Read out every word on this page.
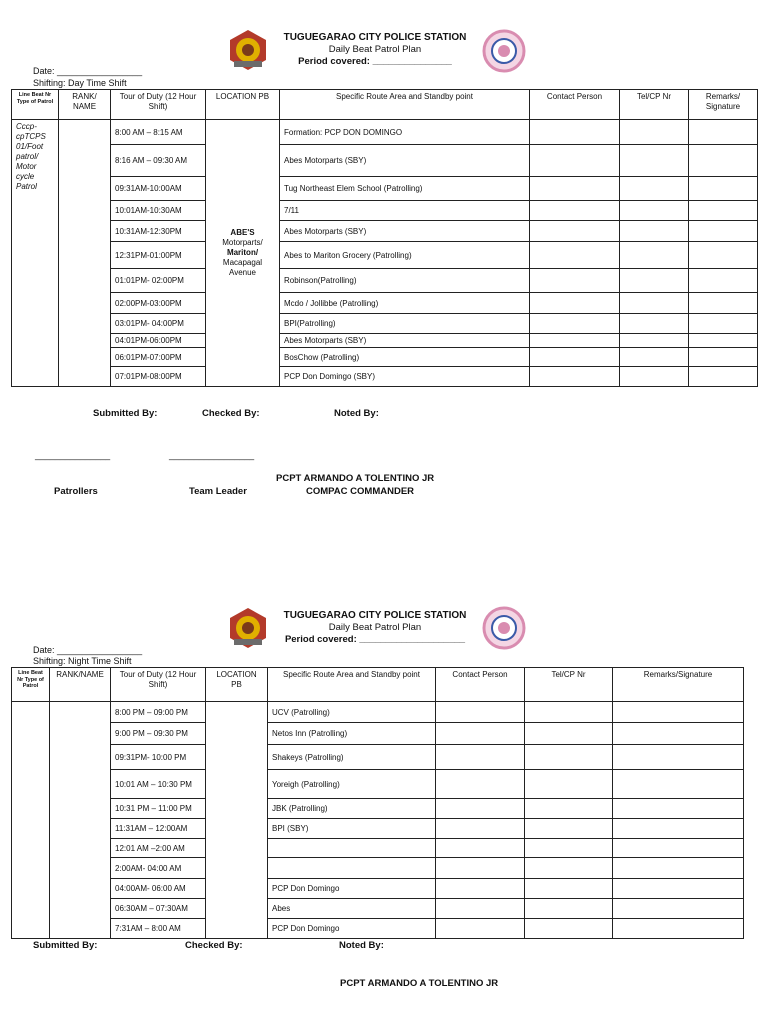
TUGUEGARAO CITY POLICE STATION
Daily Beat Patrol Plan
Period covered: _______________
Date: _________________
Shifting: Day Time Shift
Line Beat Nr Type of Patrol	RANK/ NAME	Tour of Duty (12 Hour Shift)	LOCATION PB	Specific Route Area and Standby point	Contact Person	Tel/CP Nr	Remarks/ Signature
Cccp-cpTCPS 01/Foot patrol/ Motor cycle Patrol		8:00 AM – 8:15 AM	ABE'S
Motorparts/
Mariton/
Macapagal
Avenue	Formation: PCP DON DOMINGO			
		8:16 AM – 09:30 AM		Abes Motorparts (SBY)			
		09:31AM-10:00AM		Tug Northeast Elem School (Patrolling)			
		10:01AM-10:30AM		7/11			
		10:31AM-12:30PM		Abes Motorparts (SBY)			
		12:31PM-01:00PM		Abes to Mariton Grocery (Patrolling)			
		01:01PM- 02:00PM		Robinson(Patrolling)			
		02:00PM-03:00PM		Mcdo / Jollibbe (Patrolling)			
		03:01PM- 04:00PM		BPI(Patrolling)			
		04:01PM-06:00PM		Abes Motorparts (SBY)			
		06:01PM-07:00PM		BosChow (Patrolling)			
		07:01PM-08:00PM		PCP Don Domingo (SBY)			
Submitted By:	Checked By:	Noted By:
_______________	_________________
PCPT ARMANDO A TOLENTINO JR
COMPAC COMMANDER
Patrollers	Team Leader
TUGUEGARAO CITY POLICE STATION
Daily Beat Patrol Plan
Period covered: ____________________
Date: _________________
Shifting: Night Time Shift
Line Beat Nr Type of Patrol	RANK/NAME	Tour of Duty (12 Hour Shift)	LOCATION PB	Specific Route Area and Standby point	Contact Person	Tel/CP Nr	Remarks/Signature
		8:00 PM – 09:00 PM		UCV (Patrolling)			
		9:00 PM – 09:30 PM		Netos Inn (Patrolling)			
		09:31PM- 10:00 PM		Shakeys (Patrolling)			
		10:01 AM – 10:30 PM		Yoreigh (Patrolling)			
		10:31 PM – 11:00 PM		JBK (Patrolling)			
		11:31AM – 12:00AM		BPI (SBY)			
		12:01 AM –2:00 AM					
		2:00AM- 04:00 AM					
		04:00AM- 06:00 AM		PCP Don Domingo			
		06:30AM – 07:30AM		Abes			
		7:31AM – 8:00 AM		PCP Don Domingo			
Submitted By:	Checked By:	Noted By:
PCPT ARMANDO A TOLENTINO JR
